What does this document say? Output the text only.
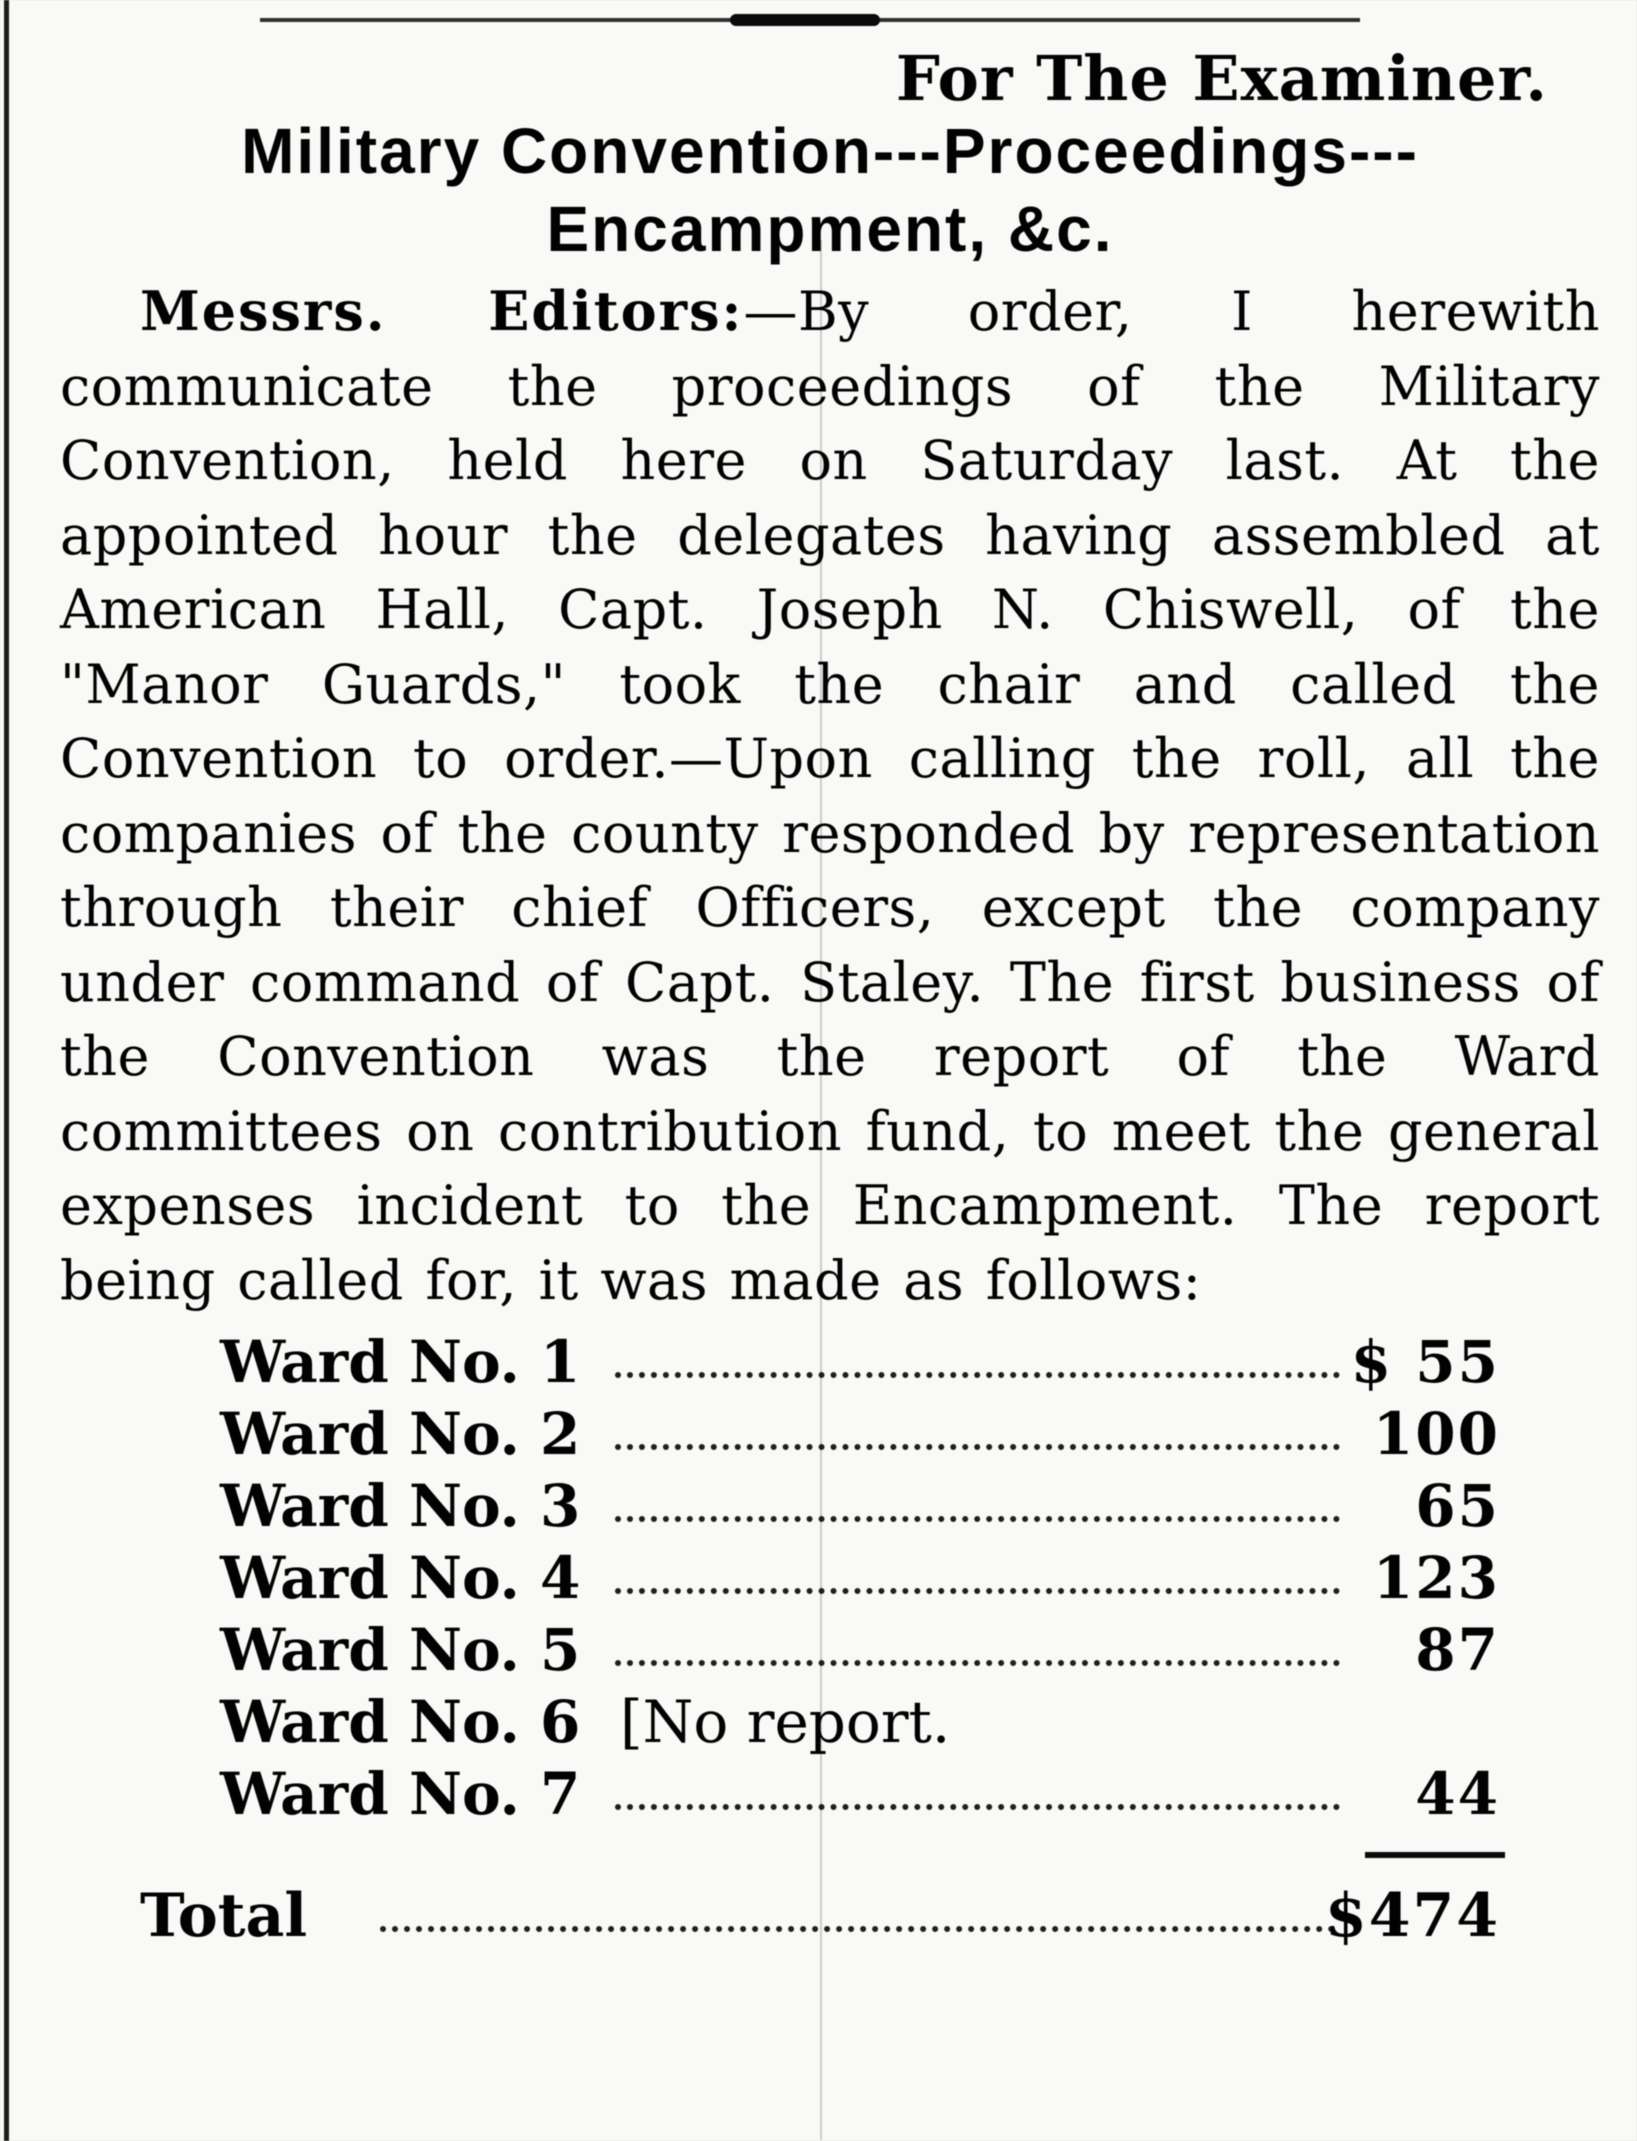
For The Examiner.
Military Convention---Proceedings---
Encampment, &c.
Messrs. Editors:—By order, I herewith communicate the proceedings of the Military Convention, held here on Saturday last. At the appointed hour the delegates having assembled at American Hall, Capt. Joseph N. Chiswell, of the "Manor Guards," took the chair and called the Convention to order.—Upon calling the roll, all the companies of the county responded by representation through their chief Officers, except the company under command of Capt. Staley. The first business of the Convention was the report of the Ward committees on contribution fund, to meet the general expenses incident to the Encampment. The report being called for, it was made as follows:
Ward No. 1	$ 55
Ward No. 2	100
Ward No. 3	65
Ward No. 4	123
Ward No. 5	87
Ward No. 6 [No report.
Ward No. 7	44
Total	$474
